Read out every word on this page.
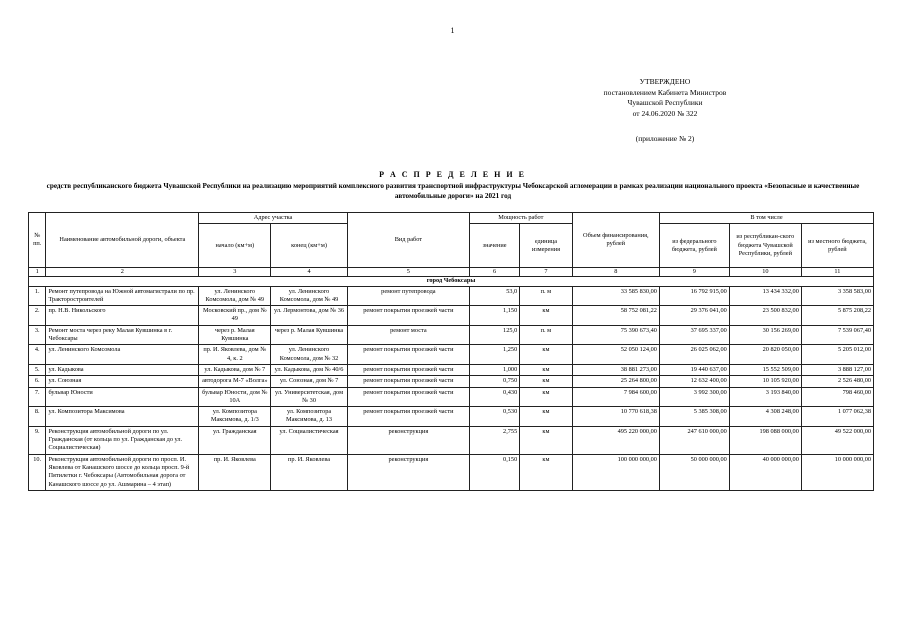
1
УТВЕРЖДЕНО
постановлением Кабинета Министров
Чувашской Республики
от 24.06.2020 № 322
(приложение № 2)
Р А С П Р Е Д Е Л Е Н И Е
средств республиканского бюджета Чувашской Республики на реализацию мероприятий комплексного развития транспортной инфраструктуры Чебоксарской агломерации в рамках реализации национального проекта «Безопасные и качественные автомобильные дороги» на 2021 год
№ пп.	Наименование автомобильной дороги, объекта	Адрес участка		Вид работ	Мощность работ		Объем финансирования, рублей	В том числе		
		начало (км+м)	конец (км+м)		значение	единица измерения		из федерального бюджета, рублей	из республикан-ского бюджета Чувашской Республики, рублей	из местного бюджета, рублей
1	2	3	4	5	6	7	8	9	10	11
город Чебоксары										
1.	Ремонт путепровода на Южной автомагистрали по пр. Тракторостроителей	ул. Ленинского Комсомола, дом № 49	ул. Ленинского Комсомола, дом № 49	ремонт путепровода	53,0	п. м	33 585 830,00	16 792 915,00	13 434 332,00	3 358 583,00
2.	пр. Н.В. Никольского	Московский пр., дом № 49	ул. Лермонтова, дом № 36	ремонт покрытия проезжей части	1,150	км	58 752 081,22	29 376 041,00	23 500 832,00	5 875 208,22
3.	Ремонт моста через реку Малая Кувшинка в г. Чебоксары	через р. Малая Кувшинка	через р. Малая Кувшинка	ремонт моста	125,0	п. м	75 390 673,40	37 695 337,00	30 156 269,00	7 539 067,40
4.	ул. Ленинского Комсомола	пр. И. Яковлева, дом № 4, к. 2	ул. Ленинского Комсомола, дом № 32	ремонт покрытия проезжей части	1,250	км	52 050 124,00	26 025 062,00	20 820 050,00	5 205 012,00
5.	ул. Кадыкова	ул. Кадыкова, дом № 7	ул. Кадыкова, дом № 40/6	ремонт покрытия проезжей части	1,000	км	38 881 273,00	19 440 637,00	15 552 509,00	3 888 127,00
6.	ул. Союзная	автодорога М-7 «Волга»	ул. Союзная, дом № 7	ремонт покрытия проезжей части	0,750	км	25 264 800,00	12 632 400,00	10 105 920,00	2 526 480,00
7.	бульвар Юности	бульвар Юности, дом № 10А	ул. Университетская, дом № 30	ремонт покрытия проезжей части	0,430	км	7 984 600,00	3 992 300,00	3 193 840,00	798 460,00
8.	ул. Композитора Максимова	ул. Композитора Максимова, д. 1/3	ул. Композитора Максимова, д. 13	ремонт покрытия проезжей части	0,530	км	10 770 618,38	5 385 308,00	4 308 248,00	1 077 062,38
9.	Реконструкция автомобильной дороги по ул. Гражданская (от кольца по ул. Гражданская до ул. Социалистическая)	ул. Гражданская	ул. Социалистическая	реконструкция	2,755	км	495 220 000,00	247 610 000,00	198 088 000,00	49 522 000,00
10.	Реконструкция автомобильной дороги по просп. И. Яковлева от Канашского шоссе до кольца просп. 9-й Пятилетки г. Чебоксары (Автомобильная дорога от Канашского шоссе до ул. Ашмарина – 4 этап)	пр. И. Яковлева	пр. И. Яковлева	реконструкция	0,150	км	100 000 000,00	50 000 000,00	40 000 000,00	10 000 000,00
